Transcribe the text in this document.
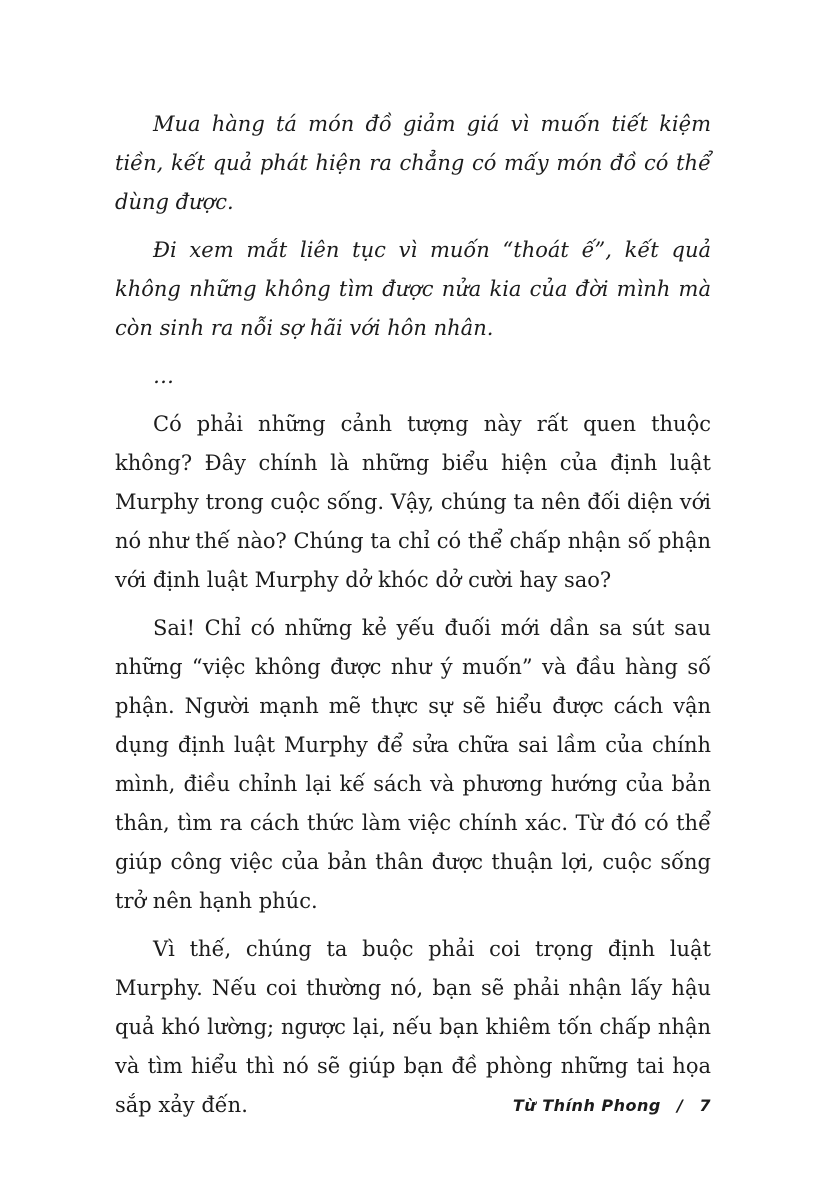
Mua hàng tá món đồ giảm giá vì muốn tiết kiệm tiền, kết quả phát hiện ra chẳng có mấy món đồ có thể dùng được.

Đi xem mắt liên tục vì muốn “thoát ế”, kết quả không những không tìm được nửa kia của đời mình mà còn sinh ra nỗi sợ hãi với hôn nhân.

…

Có phải những cảnh tượng này rất quen thuộc không? Đây chính là những biểu hiện của định luật Murphy trong cuộc sống. Vậy, chúng ta nên đối diện với nó như thế nào? Chúng ta chỉ có thể chấp nhận số phận với định luật Murphy dở khóc dở cười hay sao?

Sai! Chỉ có những kẻ yếu đuối mới dần sa sút sau những “việc không được như ý muốn” và đầu hàng số phận. Người mạnh mẽ thực sự sẽ hiểu được cách vận dụng định luật Murphy để sửa chữa sai lầm của chính mình, điều chỉnh lại kế sách và phương hướng của bản thân, tìm ra cách thức làm việc chính xác. Từ đó có thể giúp công việc của bản thân được thuận lợi, cuộc sống trở nên hạnh phúc.

Vì thế, chúng ta buộc phải coi trọng định luật Murphy. Nếu coi thường nó, bạn sẽ phải nhận lấy hậu quả khó lường; ngược lại, nếu bạn khiêm tốn chấp nhận và tìm hiểu thì nó sẽ giúp bạn đề phòng những tai họa sắp xảy đến.	Từ Thính Phong / 7
